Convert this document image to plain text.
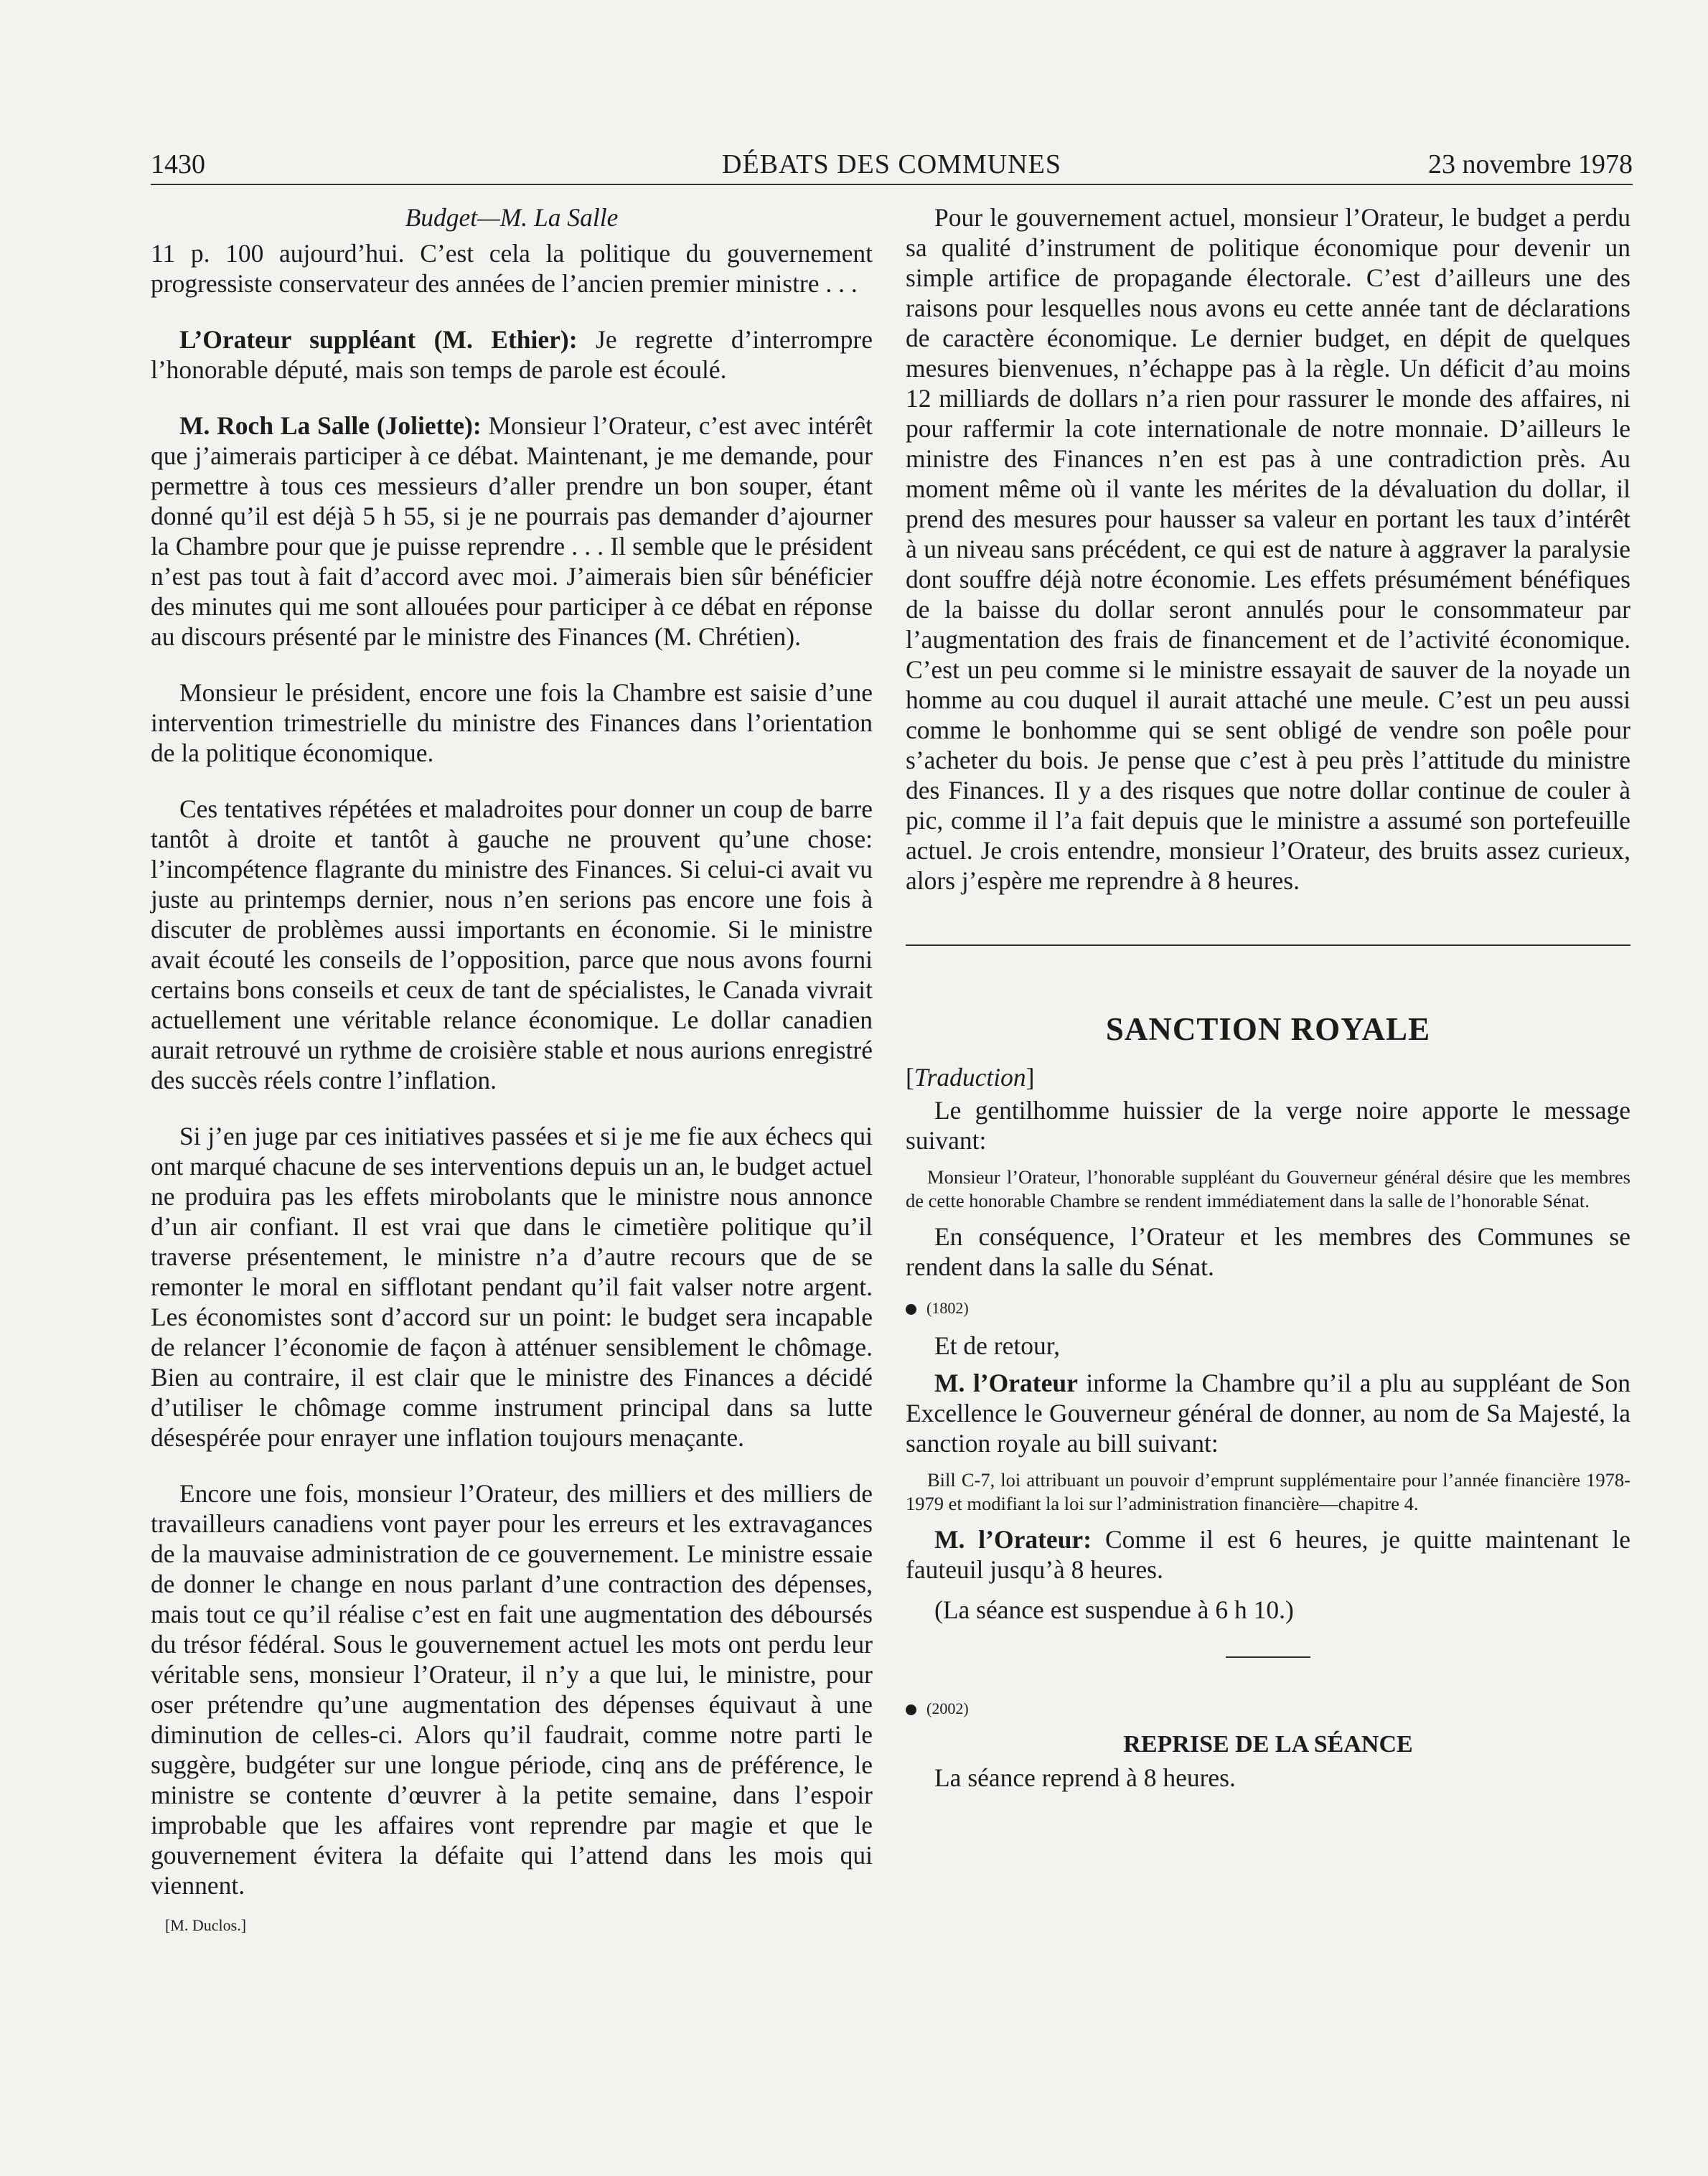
1430	DÉBATS DES COMMUNES	23 novembre 1978

Budget—M. La Salle

11 p. 100 aujourd’hui. C’est cela la politique du gouvernement progressiste conservateur des années de l’ancien premier ministre . . .

L’Orateur suppléant (M. Ethier): Je regrette d’interrompre l’honorable député, mais son temps de parole est écoulé.

M. Roch La Salle (Joliette): Monsieur l’Orateur, c’est avec intérêt que j’aimerais participer à ce débat. Maintenant, je me demande, pour permettre à tous ces messieurs d’aller prendre un bon souper, étant donné qu’il est déjà 5 h 55, si je ne pourrais pas demander d’ajourner la Chambre pour que je puisse reprendre . . . Il semble que le président n’est pas tout à fait d’accord avec moi. J’aimerais bien sûr bénéficier des minutes qui me sont allouées pour participer à ce débat en réponse au discours présenté par le ministre des Finances (M. Chrétien).

Monsieur le président, encore une fois la Chambre est saisie d’une intervention trimestrielle du ministre des Finances dans l’orientation de la politique économique.

Ces tentatives répétées et maladroites pour donner un coup de barre tantôt à droite et tantôt à gauche ne prouvent qu’une chose: l’incompétence flagrante du ministre des Finances. Si celui-ci avait vu juste au printemps dernier, nous n’en serions pas encore une fois à discuter de problèmes aussi importants en économie. Si le ministre avait écouté les conseils de l’opposition, parce que nous avons fourni certains bons conseils et ceux de tant de spécialistes, le Canada vivrait actuellement une véritable relance économique. Le dollar canadien aurait retrouvé un rythme de croisière stable et nous aurions enregistré des succès réels contre l’inflation.

Si j’en juge par ces initiatives passées et si je me fie aux échecs qui ont marqué chacune de ses interventions depuis un an, le budget actuel ne produira pas les effets mirobolants que le ministre nous annonce d’un air confiant. Il est vrai que dans le cimetière politique qu’il traverse présentement, le ministre n’a d’autre recours que de se remonter le moral en sifflotant pendant qu’il fait valser notre argent. Les économistes sont d’accord sur un point: le budget sera incapable de relancer l’économie de façon à atténuer sensiblement le chômage. Bien au contraire, il est clair que le ministre des Finances a décidé d’utiliser le chômage comme instrument principal dans sa lutte désespérée pour enrayer une inflation toujours menaçante.

Encore une fois, monsieur l’Orateur, des milliers et des milliers de travailleurs canadiens vont payer pour les erreurs et les extravagances de la mauvaise administration de ce gouvernement. Le ministre essaie de donner le change en nous parlant d’une contraction des dépenses, mais tout ce qu’il réalise c’est en fait une augmentation des déboursés du trésor fédéral. Sous le gouvernement actuel les mots ont perdu leur véritable sens, monsieur l’Orateur, il n’y a que lui, le ministre, pour oser prétendre qu’une augmentation des dépenses équivaut à une diminution de celles-ci. Alors qu’il faudrait, comme notre parti le suggère, budgéter sur une longue période, cinq ans de préférence, le ministre se contente d’œuvrer à la petite semaine, dans l’espoir improbable que les affaires vont reprendre par magie et que le gouvernement évitera la défaite qui l’attend dans les mois qui viennent.

[M. Duclos.]

Pour le gouvernement actuel, monsieur l’Orateur, le budget a perdu sa qualité d’instrument de politique économique pour devenir un simple artifice de propagande électorale. C’est d’ailleurs une des raisons pour lesquelles nous avons eu cette année tant de déclarations de caractère économique. Le dernier budget, en dépit de quelques mesures bienvenues, n’échappe pas à la règle. Un déficit d’au moins 12 milliards de dollars n’a rien pour rassurer le monde des affaires, ni pour raffermir la cote internationale de notre monnaie. D’ailleurs le ministre des Finances n’en est pas à une contradiction près. Au moment même où il vante les mérites de la dévaluation du dollar, il prend des mesures pour hausser sa valeur en portant les taux d’intérêt à un niveau sans précédent, ce qui est de nature à aggraver la paralysie dont souffre déjà notre économie. Les effets présumément bénéfiques de la baisse du dollar seront annulés pour le consommateur par l’augmentation des frais de financement et de l’activité économique. C’est un peu comme si le ministre essayait de sauver de la noyade un homme au cou duquel il aurait attaché une meule. C’est un peu aussi comme le bonhomme qui se sent obligé de vendre son poêle pour s’acheter du bois. Je pense que c’est à peu près l’attitude du ministre des Finances. Il y a des risques que notre dollar continue de couler à pic, comme il l’a fait depuis que le ministre a assumé son portefeuille actuel. Je crois entendre, monsieur l’Orateur, des bruits assez curieux, alors j’espère me reprendre à 8 heures.

SANCTION ROYALE

[Traduction]

Le gentilhomme huissier de la verge noire apporte le message suivant:

Monsieur l’Orateur, l’honorable suppléant du Gouverneur général désire que les membres de cette honorable Chambre se rendent immédiatement dans la salle de l’honorable Sénat.

En conséquence, l’Orateur et les membres des Communes se rendent dans la salle du Sénat.

(1802)

Et de retour,

M. l’Orateur informe la Chambre qu’il a plu au suppléant de Son Excellence le Gouverneur général de donner, au nom de Sa Majesté, la sanction royale au bill suivant:

Bill C-7, loi attribuant un pouvoir d’emprunt supplémentaire pour l’année financière 1978-1979 et modifiant la loi sur l’administration financière—chapitre 4.

M. l’Orateur: Comme il est 6 heures, je quitte maintenant le fauteuil jusqu’à 8 heures.

(La séance est suspendue à 6 h 10.)

(2002)

REPRISE DE LA SÉANCE

La séance reprend à 8 heures.
